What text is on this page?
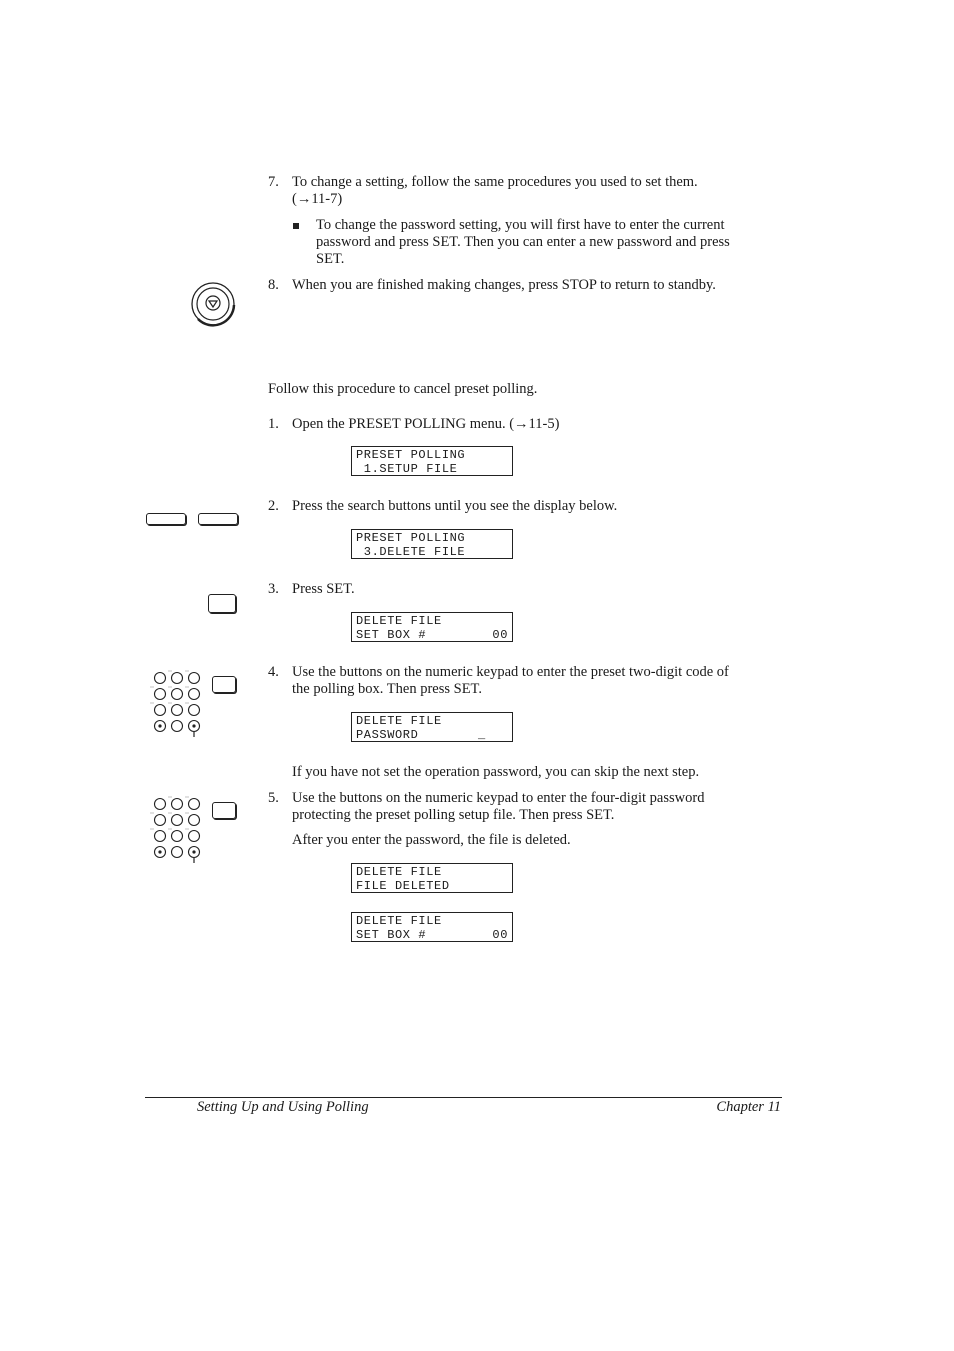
7. To change a setting, follow the same procedures you used to set them.
(→11-7)
To change the password setting, you will first have to enter the current
password and press SET. Then you can enter a new password and press
SET.
8. When you are finished making changes, press STOP to return to standby.
Follow this procedure to cancel preset polling.
1. Open the PRESET POLLING menu. (→11-5)
PRESET POLLING
1.SETUP FILE
2. Press the search buttons until you see the display below.
PRESET POLLING
3.DELETE FILE
3. Press SET.
DELETE FILE
SET BOX #	00
4. Use the buttons on the numeric keypad to enter the preset two-digit code of
the polling box. Then press SET.
DELETE FILE
PASSWORD	_
If you have not set the operation password, you can skip the next step.
5. Use the buttons on the numeric keypad to enter the four-digit password
protecting the preset polling setup file. Then press SET.
After you enter the password, the file is deleted.
DELETE FILE
FILE DELETED
DELETE FILE
SET BOX #	00
Setting Up and Using Polling	Chapter 11
